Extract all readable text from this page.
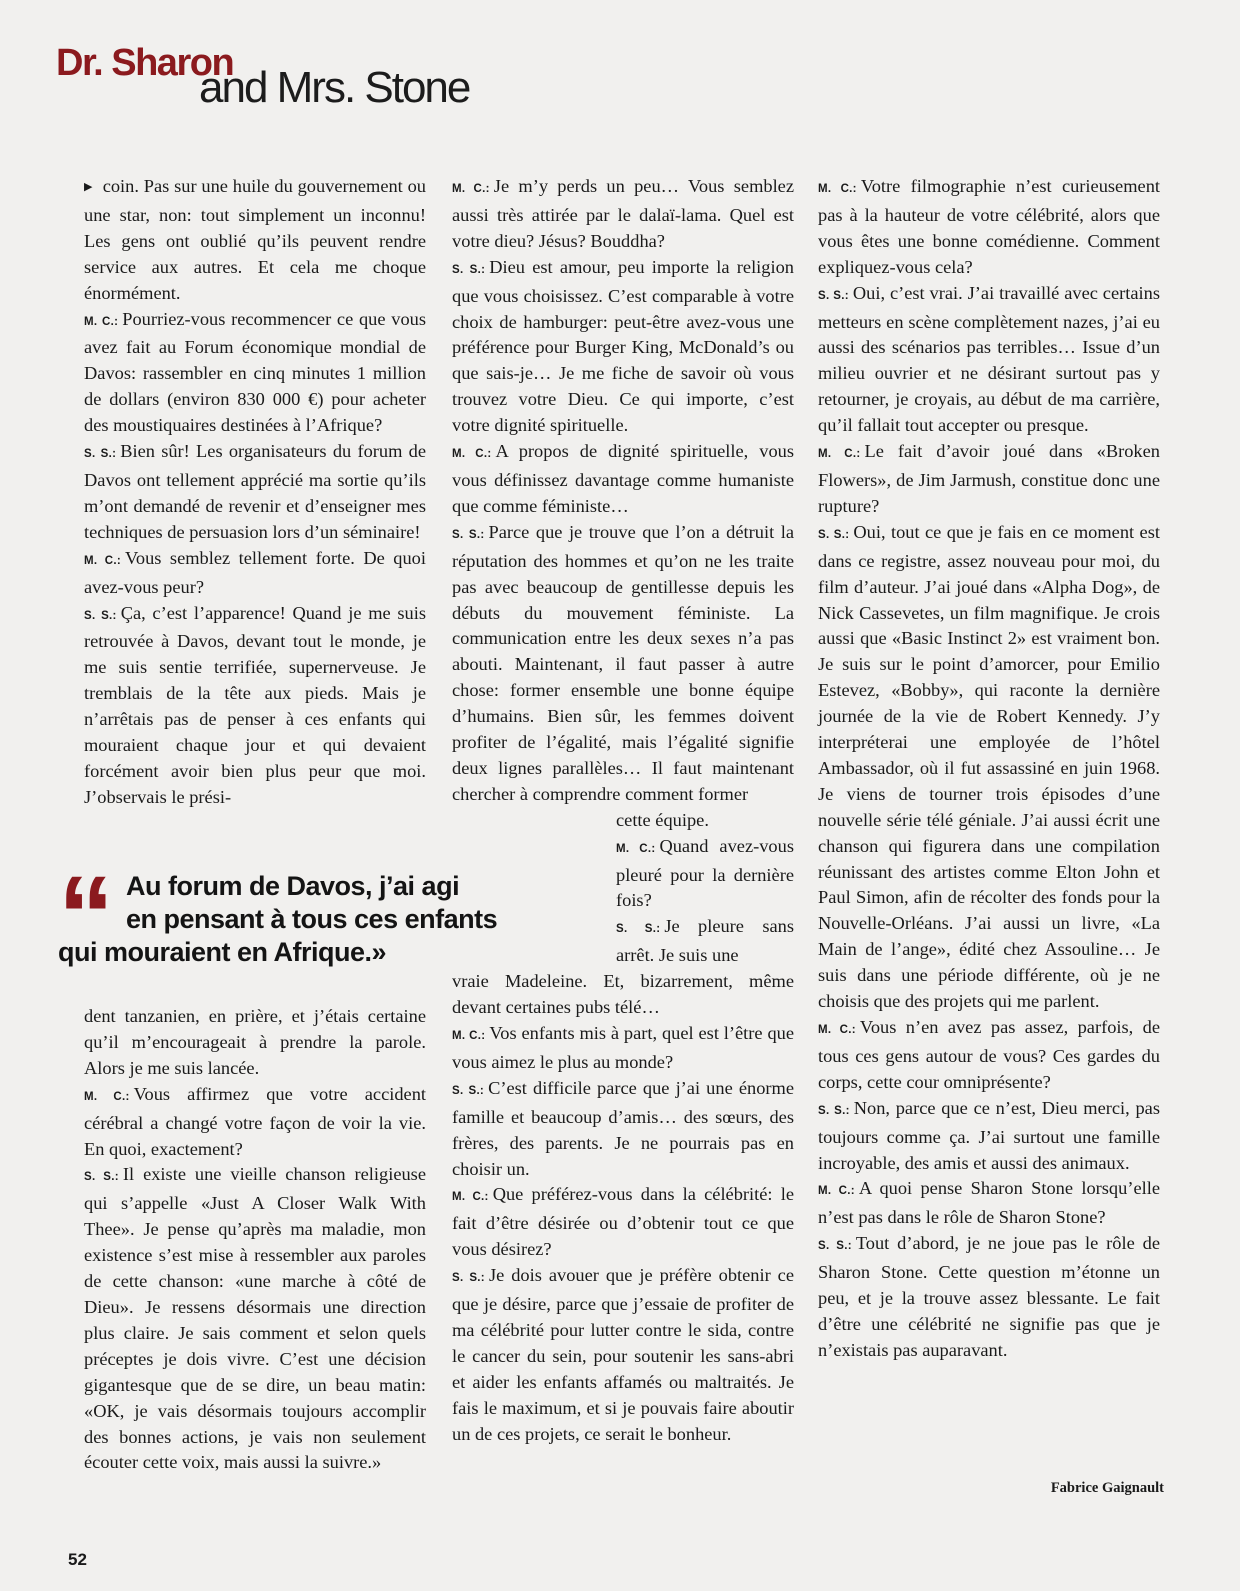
Dr. Sharon
and Mrs. Stone

▶ coin. Pas sur une huile du gouvernement ou une star, non: tout simplement un inconnu! Les gens ont oublié qu’ils peuvent rendre service aux autres. Et cela me choque énormément.

M. C.: Pourriez-vous recommencer ce que vous avez fait au Forum économique mondial de Davos: rassembler en cinq minutes 1 million de dollars (environ 830 000 €) pour acheter des moustiquaires destinées à l’Afrique?

S. S.: Bien sûr! Les organisateurs du forum de Davos ont tellement apprécié ma sortie qu’ils m’ont demandé de revenir et d’enseigner mes techniques de persuasion lors d’un séminaire!

M. C.: Vous semblez tellement forte. De quoi avez-vous peur?

S. S.: Ça, c’est l’apparence! Quand je me suis retrouvée à Davos, devant tout le monde, je me suis sentie terrifiée, supernerveuse. Je tremblais de la tête aux pieds. Mais je n’arrêtais pas de penser à ces enfants qui mouraient chaque jour et qui devaient forcément avoir bien plus peur que moi. J’observais le prési-

“ Au forum de Davos, j’ai agi
en pensant à tous ces enfants
qui mouraient en Afrique.»

dent tanzanien, en prière, et j’étais certaine qu’il m’encourageait à prendre la parole. Alors je me suis lancée.

M. C.: Vous affirmez que votre accident cérébral a changé votre façon de voir la vie. En quoi, exactement?

S. S.: Il existe une vieille chanson religieuse qui s’appelle «Just A Closer Walk With Thee». Je pense qu’après ma maladie, mon existence s’est mise à ressembler aux paroles de cette chanson: «une marche à côté de Dieu». Je ressens désormais une direction plus claire. Je sais comment et selon quels préceptes je dois vivre. C’est une décision gigantesque que de se dire, un beau matin: «OK, je vais désormais toujours accomplir des bonnes actions, je vais non seulement écouter cette voix, mais aussi la suivre.»

M. C.: Je m’y perds un peu… Vous semblez aussi très attirée par le dalaï-lama. Quel est votre dieu? Jésus? Bouddha?

S. S.: Dieu est amour, peu importe la religion que vous choisissez. C’est comparable à votre choix de hamburger: peut-être avez-vous une préférence pour Burger King, McDonald’s ou que sais-je… Je me fiche de savoir où vous trouvez votre Dieu. Ce qui importe, c’est votre dignité spirituelle.

M. C.: A propos de dignité spirituelle, vous vous définissez davantage comme humaniste que comme féministe…

S. S.: Parce que je trouve que l’on a détruit la réputation des hommes et qu’on ne les traite pas avec beaucoup de gentillesse depuis les débuts du mouvement féministe. La communication entre les deux sexes n’a pas abouti. Maintenant, il faut passer à autre chose: former ensemble une bonne équipe d’humains. Bien sûr, les femmes doivent profiter de l’égalité, mais l’égalité signifie deux lignes parallèles… Il faut maintenant chercher à comprendre comment former

cette équipe.

M. C.: Quand avez-vous pleuré pour la dernière fois?

S. S.: Je pleure sans arrêt. Je suis une

vraie Madeleine. Et, bizarrement, même devant certaines pubs télé…

M. C.: Vos enfants mis à part, quel est l’être que vous aimez le plus au monde?

S. S.: C’est difficile parce que j’ai une énorme famille et beaucoup d’amis… des sœurs, des frères, des parents. Je ne pourrais pas en choisir un.

M. C.: Que préférez-vous dans la célébrité: le fait d’être désirée ou d’obtenir tout ce que vous désirez?

S. S.: Je dois avouer que je préfère obtenir ce que je désire, parce que j’essaie de profiter de ma célébrité pour lutter contre le sida, contre le cancer du sein, pour soutenir les sans-abri et aider les enfants affamés ou maltraités. Je fais le maximum, et si je pouvais faire aboutir un de ces projets, ce serait le bonheur.

M. C.: Votre filmographie n’est curieusement pas à la hauteur de votre célébrité, alors que vous êtes une bonne comédienne. Comment expliquez-vous cela?

S. S.: Oui, c’est vrai. J’ai travaillé avec certains metteurs en scène complètement nazes, j’ai eu aussi des scénarios pas terribles… Issue d’un milieu ouvrier et ne désirant surtout pas y retourner, je croyais, au début de ma carrière, qu’il fallait tout accepter ou presque.

M. C.: Le fait d’avoir joué dans «Broken Flowers», de Jim Jarmush, constitue donc une rupture?

S. S.: Oui, tout ce que je fais en ce moment est dans ce registre, assez nouveau pour moi, du film d’auteur. J’ai joué dans «Alpha Dog», de Nick Cassevetes, un film magnifique. Je crois aussi que «Basic Instinct 2» est vraiment bon. Je suis sur le point d’amorcer, pour Emilio Estevez, «Bobby», qui raconte la dernière journée de la vie de Robert Kennedy. J’y interpréterai une employée de l’hôtel Ambassador, où il fut assassiné en juin 1968. Je viens de tourner trois épisodes d’une nouvelle série télé géniale. J’ai aussi écrit une chanson qui figurera dans une compilation réunissant des artistes comme Elton John et Paul Simon, afin de récolter des fonds pour la Nouvelle-Orléans. J’ai aussi un livre, «La Main de l’ange», édité chez Assouline… Je suis dans une période différente, où je ne choisis que des projets qui me parlent.

M. C.: Vous n’en avez pas assez, parfois, de tous ces gens autour de vous? Ces gardes du corps, cette cour omniprésente?

S. S.: Non, parce que ce n’est, Dieu merci, pas toujours comme ça. J’ai surtout une famille incroyable, des amis et aussi des animaux.

M. C.: A quoi pense Sharon Stone lorsqu’elle n’est pas dans le rôle de Sharon Stone?

S. S.: Tout d’abord, je ne joue pas le rôle de Sharon Stone. Cette question m’étonne un peu, et je la trouve assez blessante. Le fait d’être une célébrité ne signifie pas que je n’existais pas auparavant.

Fabrice Gaignault
52
